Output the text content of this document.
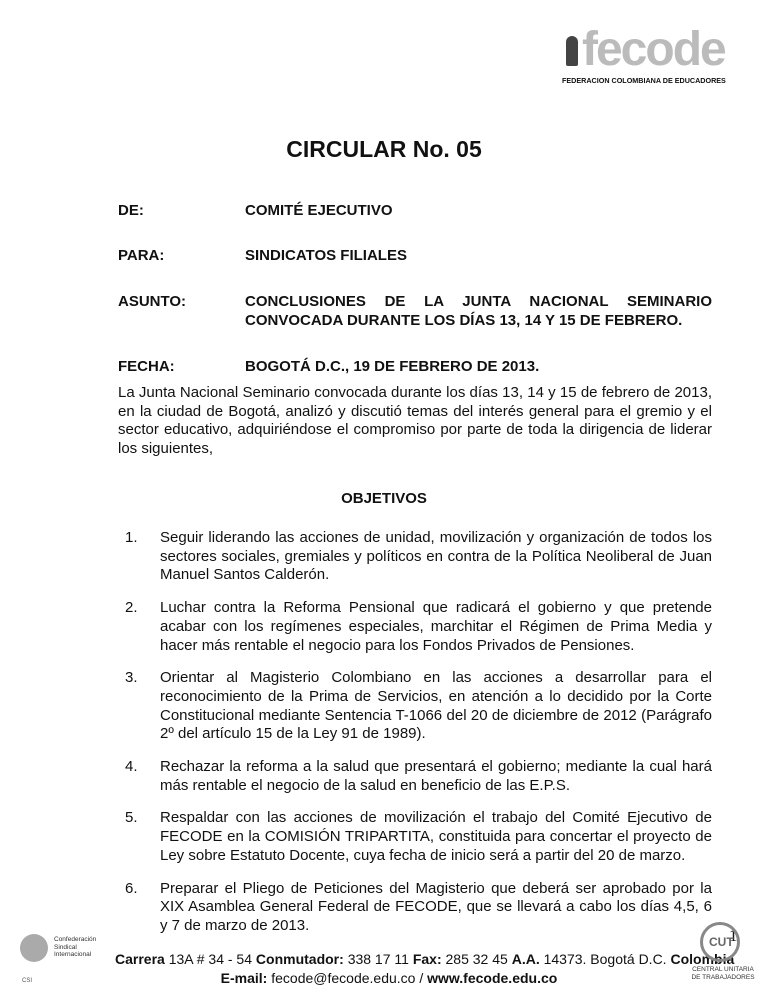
fecode
FEDERACION COLOMBIANA DE EDUCADORES
CIRCULAR No. 05
DE:	COMITÉ EJECUTIVO
PARA:	SINDICATOS FILIALES
ASUNTO:	CONCLUSIONES DE LA JUNTA NACIONAL SEMINARIO
CONVOCADA DURANTE LOS DÍAS 13, 14 Y 15 DE FEBRERO.
FECHA:	BOGOTÁ D.C., 19 DE FEBRERO DE 2013.
La Junta Nacional Seminario convocada durante los días 13, 14 y 15 de febrero de 2013, en la ciudad de Bogotá, analizó y discutió temas del interés general para el gremio y el sector educativo, adquiriéndose el compromiso por parte de toda la dirigencia de liderar los siguientes,
OBJETIVOS
1. Seguir liderando las acciones de unidad, movilización y organización de todos los sectores sociales, gremiales y políticos en contra de la Política Neoliberal de Juan Manuel Santos Calderón.
2. Luchar contra la Reforma Pensional que radicará el gobierno y que pretende acabar con los regímenes especiales, marchitar el Régimen de Prima Media y hacer más rentable el negocio para los Fondos Privados de Pensiones.
3. Orientar al Magisterio Colombiano en las acciones a desarrollar para el reconocimiento de la Prima de Servicios, en atención a lo decidido por la Corte Constitucional mediante Sentencia T-1066 del 20 de diciembre de 2012 (Parágrafo 2º del artículo 15 de la Ley 91 de 1989).
4. Rechazar la reforma a la salud que presentará el gobierno; mediante la cual hará más rentable el negocio de la salud en beneficio de las E.P.S.
5. Respaldar con las acciones de movilización el trabajo del Comité Ejecutivo de FECODE en la COMISIÓN TRIPARTITA, constituida para concertar el proyecto de Ley sobre Estatuto Docente, cuya fecha de inicio será a partir del 20 de marzo.
6. Preparar el Pliego de Peticiones del Magisterio que deberá ser aprobado por la XIX Asamblea General Federal de FECODE, que se llevará a cabo los días 4,5, 6 y 7 de marzo de 2013.
1
Confederación Sindical Internacional
CSI
Carrera 13A # 34 - 54 Conmutador: 338 17 11 Fax: 285 32 45 A.A. 14373. Bogotá D.C. Colombia
E-mail: fecode@fecode.edu.co / www.fecode.edu.co
CUT
CENTRAL UNITARIA DE TRABAJADORES
